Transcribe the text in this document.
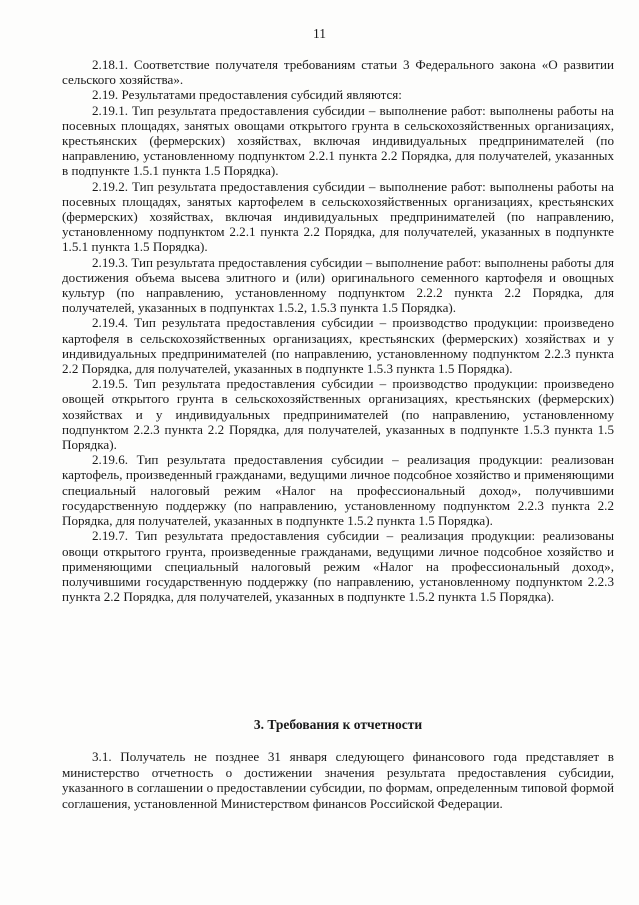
11

2.18.1. Соответствие получателя требованиям статьи 3 Федерального закона «О развитии сельского хозяйства».

2.19. Результатами предоставления субсидий являются:

2.19.1. Тип результата предоставления субсидии – выполнение работ: выполнены работы на посевных площадях, занятых овощами открытого грунта в сельскохозяйственных организациях, крестьянских (фермерских) хозяйствах, включая индивидуальных предпринимателей (по направлению, установленному подпунктом 2.2.1 пункта 2.2 Порядка, для получателей, указанных в подпункте 1.5.1 пункта 1.5 Порядка).

2.19.2. Тип результата предоставления субсидии – выполнение работ: выполнены работы на посевных площадях, занятых картофелем в сельскохозяйственных организациях, крестьянских (фермерских) хозяйствах, включая индивидуальных предпринимателей (по направлению, установленному подпунктом 2.2.1 пункта 2.2 Порядка, для получателей, указанных в подпункте 1.5.1 пункта 1.5 Порядка).

2.19.3. Тип результата предоставления субсидии – выполнение работ: выполнены работы для достижения объема высева элитного и (или) оригинального семенного картофеля и овощных культур (по направлению, установленному подпунктом 2.2.2 пункта 2.2 Порядка, для получателей, указанных в подпунктах 1.5.2, 1.5.3 пункта 1.5 Порядка).

2.19.4. Тип результата предоставления субсидии – производство продукции: произведено картофеля в сельскохозяйственных организациях, крестьянских (фермерских) хозяйствах и у индивидуальных предпринимателей (по направлению, установленному подпунктом 2.2.3 пункта 2.2 Порядка, для получателей, указанных в подпункте 1.5.3 пункта 1.5 Порядка).

2.19.5. Тип результата предоставления субсидии – производство продукции: произведено овощей открытого грунта в сельскохозяйственных организациях, крестьянских (фермерских) хозяйствах и у индивидуальных предпринимателей (по направлению, установленному подпунктом 2.2.3 пункта 2.2 Порядка, для получателей, указанных в подпункте 1.5.3 пункта 1.5 Порядка).

2.19.6. Тип результата предоставления субсидии – реализация продукции: реализован картофель, произведенный гражданами, ведущими личное подсобное хозяйство и применяющими специальный налоговый режим «Налог на профессиональный доход», получившими государственную поддержку (по направлению, установленному подпунктом 2.2.3 пункта 2.2 Порядка, для получателей, указанных в подпункте 1.5.2 пункта 1.5 Порядка).

2.19.7. Тип результата предоставления субсидии – реализация продукции: реализованы овощи открытого грунта, произведенные гражданами, ведущими личное подсобное хозяйство и применяющими специальный налоговый режим «Налог на профессиональный доход», получившими государственную поддержку (по направлению, установленному подпунктом 2.2.3 пункта 2.2 Порядка, для получателей, указанных в подпункте 1.5.2 пункта 1.5 Порядка).

3. Требования к отчетности

3.1. Получатель не позднее 31 января следующего финансового года представляет в министерство отчетность о достижении значения результата предоставления субсидии, указанного в соглашении о предоставлении субсидии, по формам, определенным типовой формой соглашения, установленной Министерством финансов Российской Федерации.
